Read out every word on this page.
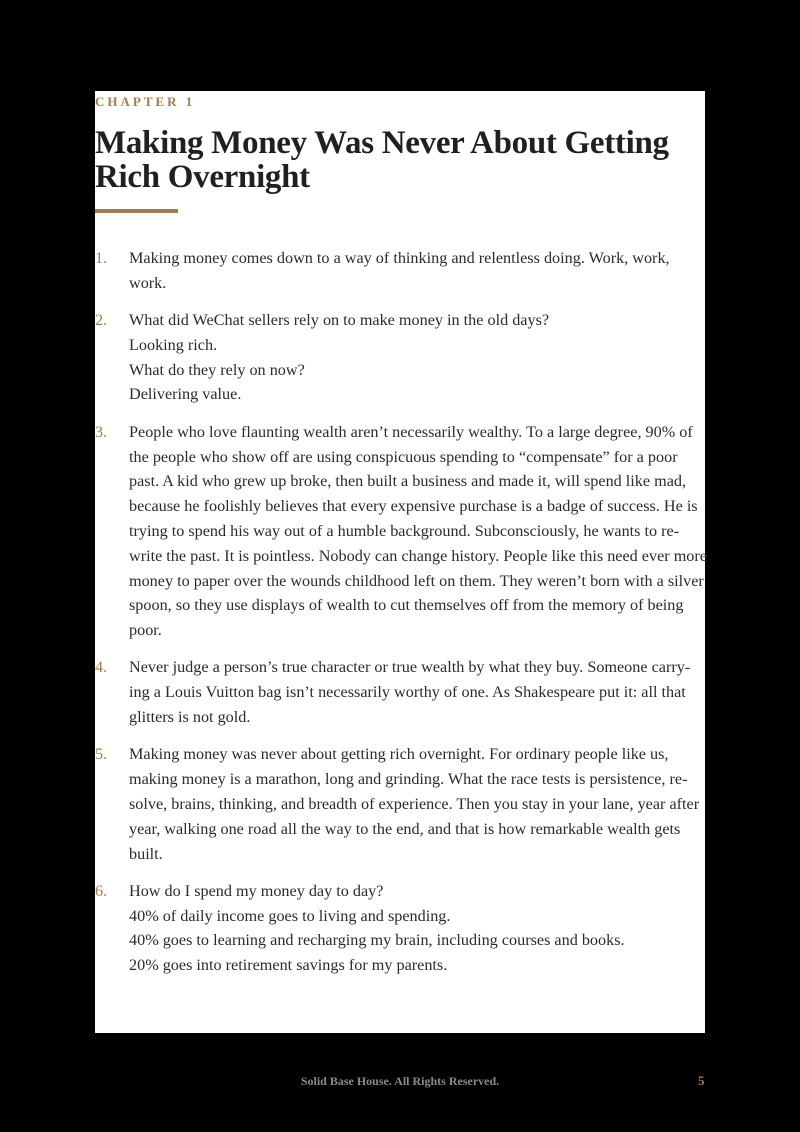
CHAPTER 1
Making Money Was Never About Getting Rich Overnight
1. Making money comes down to a way of thinking and relentless doing. Work, work, work.
2. What did WeChat sellers rely on to make money in the old days?
Looking rich.
What do they rely on now?
Delivering value.
3. People who love flaunting wealth aren’t necessarily wealthy. To a large degree, 90% of the people who show off are using conspicuous spending to “compensate” for a poor past. A kid who grew up broke, then built a business and made it, will spend like mad, because he foolishly believes that every expensive purchase is a badge of success. He is trying to spend his way out of a humble background. Subconsciously, he wants to re-write the past. It is pointless. Nobody can change history. People like this need ever more money to paper over the wounds childhood left on them. They weren’t born with a silver spoon, so they use displays of wealth to cut themselves off from the memory of being poor.
4. Never judge a person’s true character or true wealth by what they buy. Someone carry-ing a Louis Vuitton bag isn’t necessarily worthy of one. As Shakespeare put it: all that glitters is not gold.
5. Making money was never about getting rich overnight. For ordinary people like us, making money is a marathon, long and grinding. What the race tests is persistence, re-solve, brains, thinking, and breadth of experience. Then you stay in your lane, year after year, walking one road all the way to the end, and that is how remarkable wealth gets built.
6. How do I spend my money day to day?
40% of daily income goes to living and spending.
40% goes to learning and recharging my brain, including courses and books.
20% goes into retirement savings for my parents.
Solid Base House. All Rights Reserved.	5
